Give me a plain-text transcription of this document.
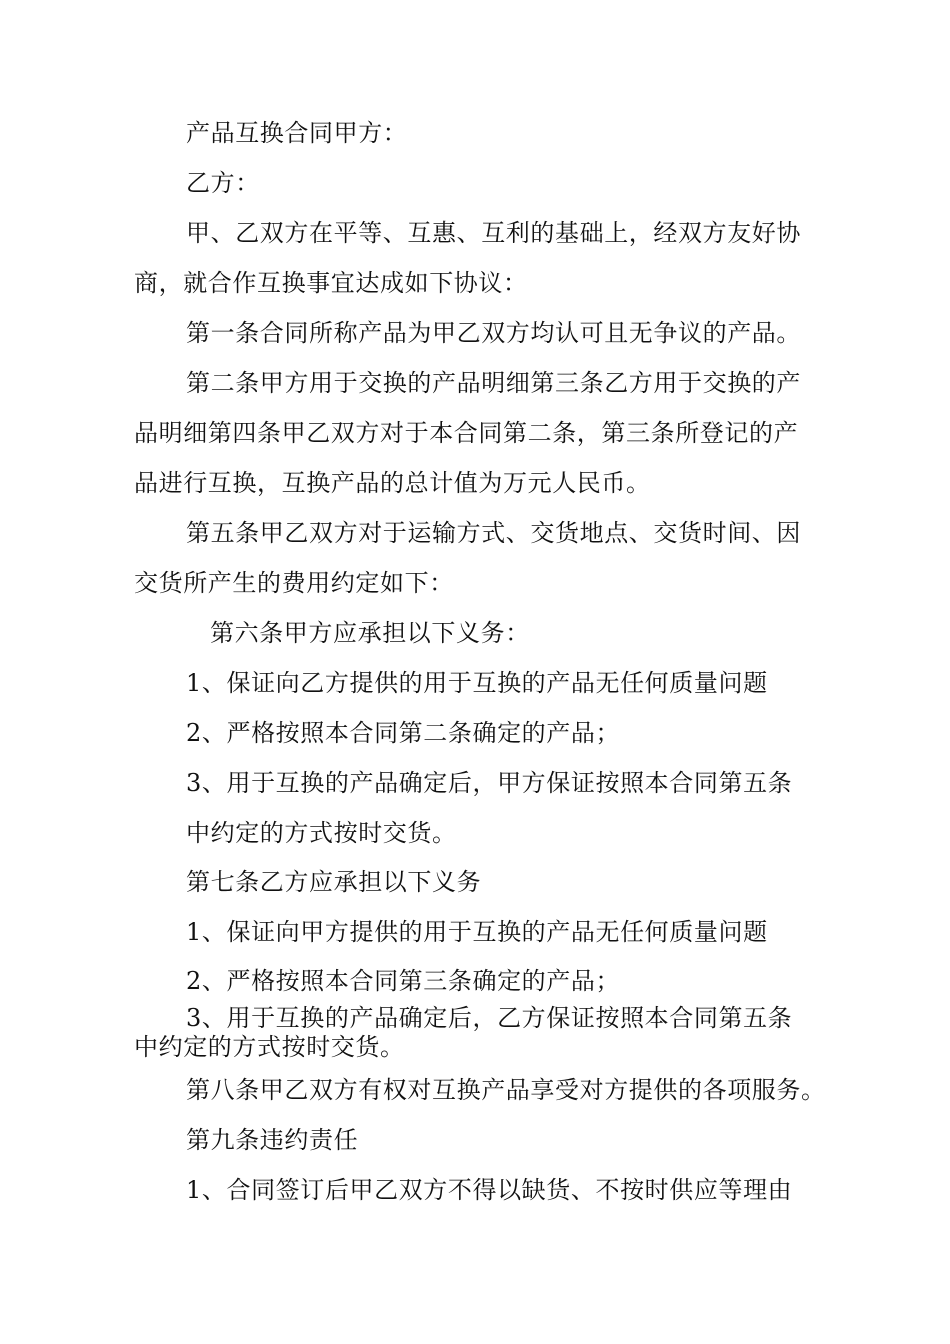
产品互换合同甲方：
乙方：
甲、乙双方在平等、互惠、互利的基础上，经双方友好协
商，就合作互换事宜达成如下协议：
第一条合同所称产品为甲乙双方均认可且无争议的产品。
第二条甲方用于交换的产品明细第三条乙方用于交换的产
品明细第四条甲乙双方对于本合同第二条，第三条所登记的产
品进行互换，互换产品的总计值为万元人民币。
第五条甲乙双方对于运输方式、交货地点、交货时间、因
交货所产生的费用约定如下：
第六条甲方应承担以下义务：
1、保证向乙方提供的用于互换的产品无任何质量问题
2、严格按照本合同第二条确定的产品；
3、用于互换的产品确定后，甲方保证按照本合同第五条
中约定的方式按时交货。
第七条乙方应承担以下义务
1、保证向甲方提供的用于互换的产品无任何质量问题
2、严格按照本合同第三条确定的产品；
3、用于互换的产品确定后，乙方保证按照本合同第五条
中约定的方式按时交货。
第八条甲乙双方有权对互换产品享受对方提供的各项服务。
第九条违约责任
1、合同签订后甲乙双方不得以缺货、不按时供应等理由
